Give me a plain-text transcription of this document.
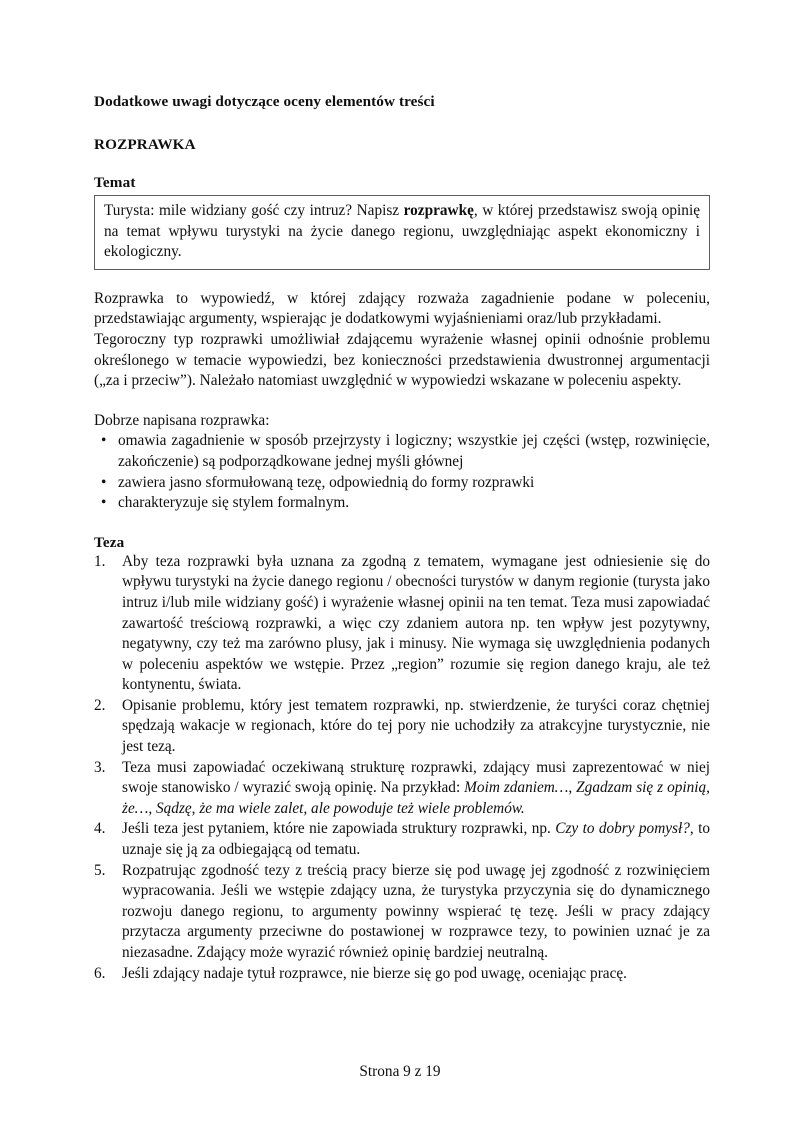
Dodatkowe uwagi dotyczące oceny elementów treści
ROZPRAWKA
Temat

Turysta: mile widziany gość czy intruz? Napisz rozprawkę, w której przedstawisz swoją opinię na temat wpływu turystyki na życie danego regionu, uwzględniając aspekt ekonomiczny i ekologiczny.

Rozprawka to wypowiedź, w której zdający rozważa zagadnienie podane w poleceniu, przedstawiając argumenty, wspierając je dodatkowymi wyjaśnieniami oraz/lub przykładami.

Tegoroczny typ rozprawki umożliwiał zdającemu wyrażenie własnej opinii odnośnie problemu określonego w temacie wypowiedzi, bez konieczności przedstawienia dwustronnej argumentacji („za i przeciw”). Należało natomiast uwzględnić w wypowiedzi wskazane w poleceniu aspekty.

Dobrze napisana rozprawka:

• omawia zagadnienie w sposób przejrzysty i logiczny; wszystkie jej części (wstęp, rozwinięcie, zakończenie) są podporządkowane jednej myśli głównej
• zawiera jasno sformułowaną tezę, odpowiednią do formy rozprawki
• charakteryzuje się stylem formalnym.
Teza
1.	Aby teza rozprawki była uznana za zgodną z tematem, wymagane jest odniesienie się do wpływu turystyki na życie danego regionu / obecności turystów w danym regionie (turysta jako intruz i/lub mile widziany gość) i wyrażenie własnej opinii na ten temat. Teza musi zapowiadać zawartość treściową rozprawki, a więc czy zdaniem autora np. ten wpływ jest pozytywny, negatywny, czy też ma zarówno plusy, jak i minusy. Nie wymaga się uwzględnienia podanych w poleceniu aspektów we wstępie. Przez „region” rozumie się region danego kraju, ale też kontynentu, świata.
2.	Opisanie problemu, który jest tematem rozprawki, np. stwierdzenie, że turyści coraz chętniej spędzają wakacje w regionach, które do tej pory nie uchodziły za atrakcyjne turystycznie, nie jest tezą.
3.	Teza musi zapowiadać oczekiwaną strukturę rozprawki, zdający musi zaprezentować w niej swoje stanowisko / wyrazić swoją opinię. Na przykład: Moim zdaniem…, Zgadzam się z opinią, że…, Sądzę, że ma wiele zalet, ale powoduje też wiele problemów.
4.	Jeśli teza jest pytaniem, które nie zapowiada struktury rozprawki, np. Czy to dobry pomysł?, to uznaje się ją za odbiegającą od tematu.
5.	Rozpatrując zgodność tezy z treścią pracy bierze się pod uwagę jej zgodność z rozwinięciem wypracowania. Jeśli we wstępie zdający uzna, że turystyka przyczynia się do dynamicznego rozwoju danego regionu, to argumenty powinny wspierać tę tezę. Jeśli w pracy zdający przytacza argumenty przeciwne do postawionej w rozprawce tezy, to powinien uznać je za niezasadne. Zdający może wyrazić również opinię bardziej neutralną.
6.	Jeśli zdający nadaje tytuł rozprawce, nie bierze się go pod uwagę, oceniając pracę.
Strona 9 z 19
